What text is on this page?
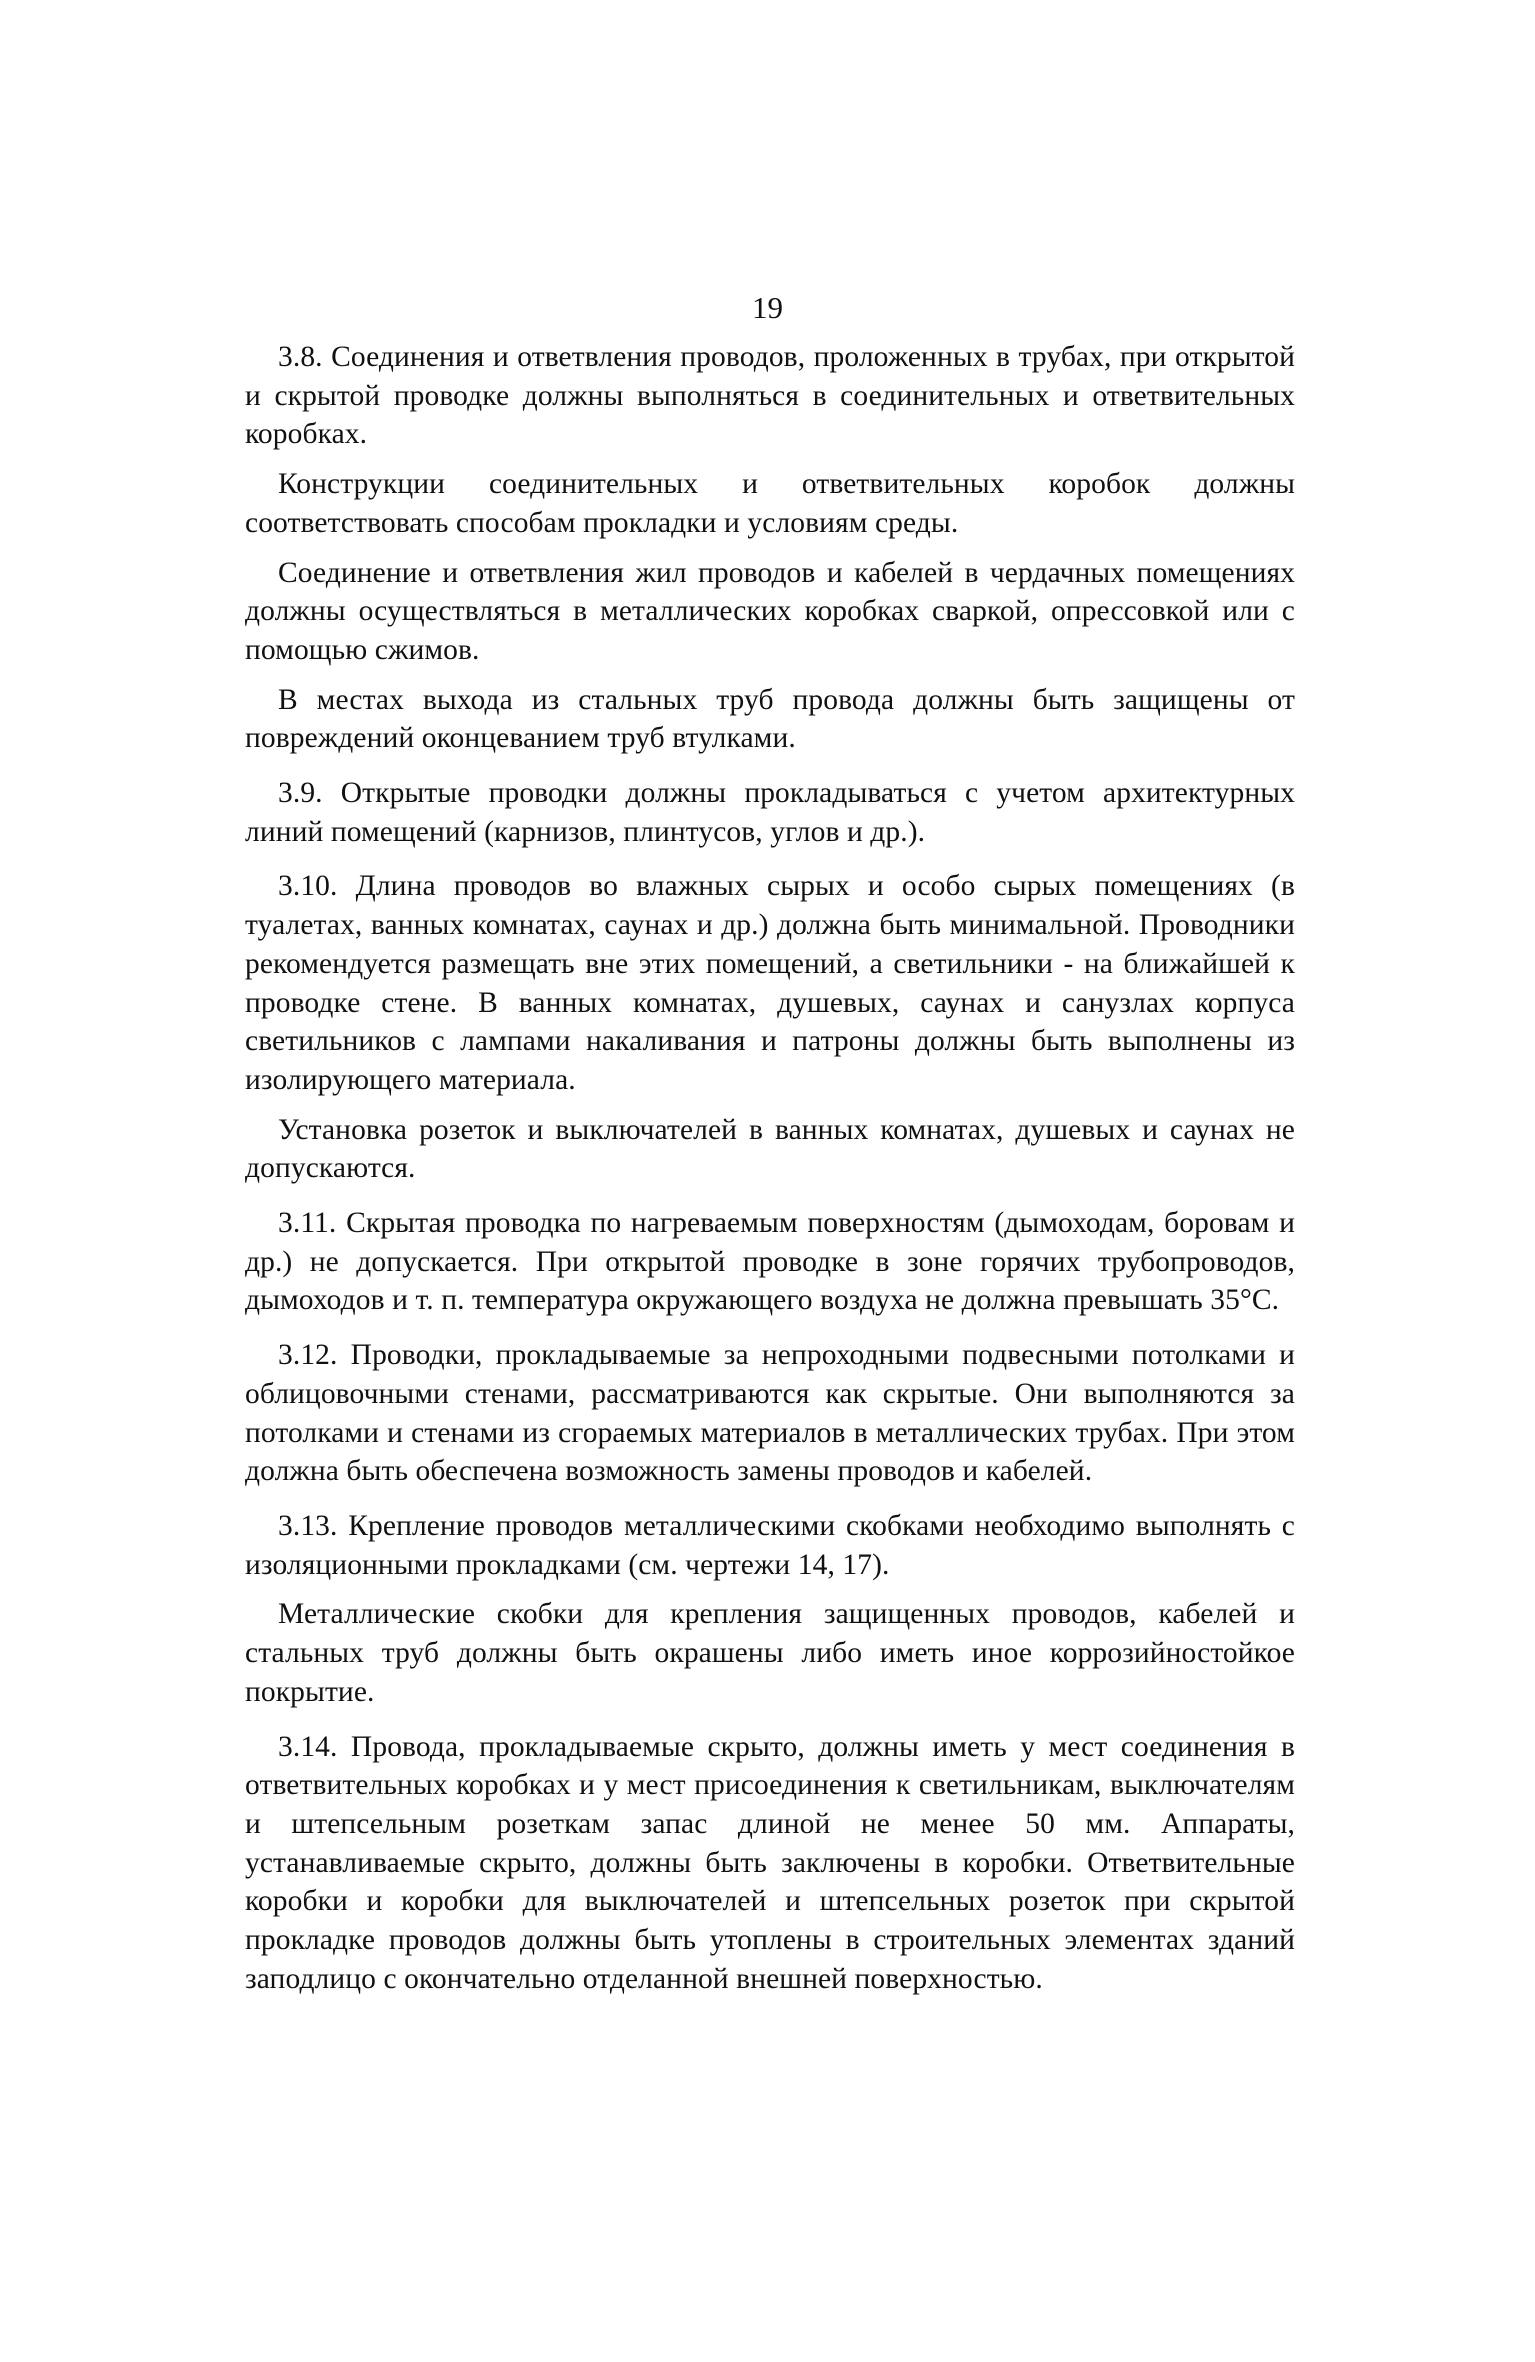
19

3.8. Соединения и ответвления проводов, проложенных в трубах, при открытой и скрытой проводке должны выполняться в соединительных и ответвительных коробках.

Конструкции соединительных и ответвительных коробок должны соответствовать способам прокладки и условиям среды.

Соединение и ответвления жил проводов и кабелей в чердачных помещениях должны осуществляться в металлических коробках сваркой, опрессовкой или с помощью сжимов.

В местах выхода из стальных труб провода должны быть защищены от повреждений оконцеванием труб втулками.

3.9. Открытые проводки должны прокладываться с учетом архитектурных линий помещений (карнизов, плинтусов, углов и др.).

3.10. Длина проводов во влажных сырых и особо сырых помещениях (в туалетах, ванных комнатах, саунах и др.) должна быть минимальной. Проводники рекомендуется размещать вне этих помещений, а светильники - на ближайшей к проводке стене. В ванных комнатах, душевых, саунах и санузлах корпуса светильников с лампами накаливания и патроны должны быть выполнены из изолирующего материала.

Установка розеток и выключателей в ванных комнатах, душевых и саунах не допускаются.

3.11. Скрытая проводка по нагреваемым поверхностям (дымоходам, боровам и др.) не допускается. При открытой проводке в зоне горячих трубопроводов, дымоходов и т. п. температура окружающего воздуха не должна превышать 35°С.

3.12. Проводки, прокладываемые за непроходными подвесными потолками и облицовочными стенами, рассматриваются как скрытые. Они выполняются за потолками и стенами из сгораемых материалов в металлических трубах. При этом должна быть обеспечена возможность замены проводов и кабелей.

3.13. Крепление проводов металлическими скобками необходимо выполнять с изоляционными прокладками (см. чертежи 14, 17).

Металлические скобки для крепления защищенных проводов, кабелей и стальных труб должны быть окрашены либо иметь иное коррозийностойкое покрытие.

3.14. Провода, прокладываемые скрыто, должны иметь у мест соединения в ответвительных коробках и у мест присоединения к светильникам, выключателям и штепсельным розеткам запас длиной не менее 50 мм. Аппараты, устанавливаемые скрыто, должны быть заключены в коробки. Ответвительные коробки и коробки для выключателей и штепсельных розеток при скрытой прокладке проводов должны быть утоплены в строительных элементах зданий заподлицо с окончательно отделанной внешней поверхностью.
